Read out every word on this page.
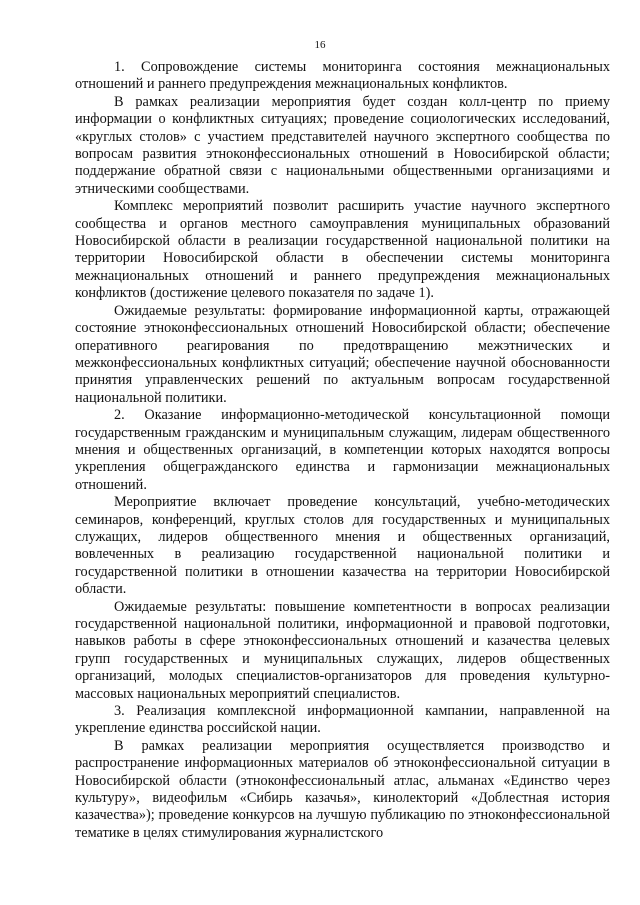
16

1. Сопровождение системы мониторинга состояния межнациональных отношений и раннего предупреждения межнациональных конфликтов.

В рамках реализации мероприятия будет создан колл-центр по приему информации о конфликтных ситуациях; проведение социологических исследований, «круглых столов» с участием представителей научного экспертного сообщества по вопросам развития этноконфессиональных отношений в Новосибирской области; поддержание обратной связи с национальными общественными организациями и этническими сообществами.

Комплекс мероприятий позволит расширить участие научного экспертного сообщества и органов местного самоуправления муниципальных образований Новосибирской области в реализации государственной национальной политики на территории Новосибирской области в обеспечении системы мониторинга межнациональных отношений и раннего предупреждения межнациональных конфликтов (достижение целевого показателя по задаче 1).

Ожидаемые результаты: формирование информационной карты, отражающей состояние этноконфессиональных отношений Новосибирской области; обеспечение оперативного реагирования по предотвращению межэтнических и межконфессиональных конфликтных ситуаций; обеспечение научной обоснованности принятия управленческих решений по актуальным вопросам государственной национальной политики.

2. Оказание информационно-методической консультационной помощи государственным гражданским и муниципальным служащим, лидерам общественного мнения и общественных организаций, в компетенции которых находятся вопросы укрепления общегражданского единства и гармонизации межнациональных отношений.

Мероприятие включает проведение консультаций, учебно-методических семинаров, конференций, круглых столов для государственных и муниципальных служащих, лидеров общественного мнения и общественных организаций, вовлеченных в реализацию государственной национальной политики и государственной политики в отношении казачества на территории Новосибирской области.

Ожидаемые результаты: повышение компетентности в вопросах реализации государственной национальной политики, информационной и правовой подготовки, навыков работы в сфере этноконфессиональных отношений и казачества целевых групп государственных и муниципальных служащих, лидеров общественных организаций, молодых специалистов-организаторов для проведения культурно-массовых национальных мероприятий специалистов.

3. Реализация комплексной информационной кампании, направленной на укрепление единства российской нации.

В рамках реализации мероприятия осуществляется производство и распространение информационных материалов об этноконфессиональной ситуации в Новосибирской области (этноконфессиональный атлас, альманах «Единство через культуру», видеофильм «Сибирь казачья», кинолекторий «Доблестная история казачества»); проведение конкурсов на лучшую публикацию по этноконфессиональной тематике в целях стимулирования журналистского
